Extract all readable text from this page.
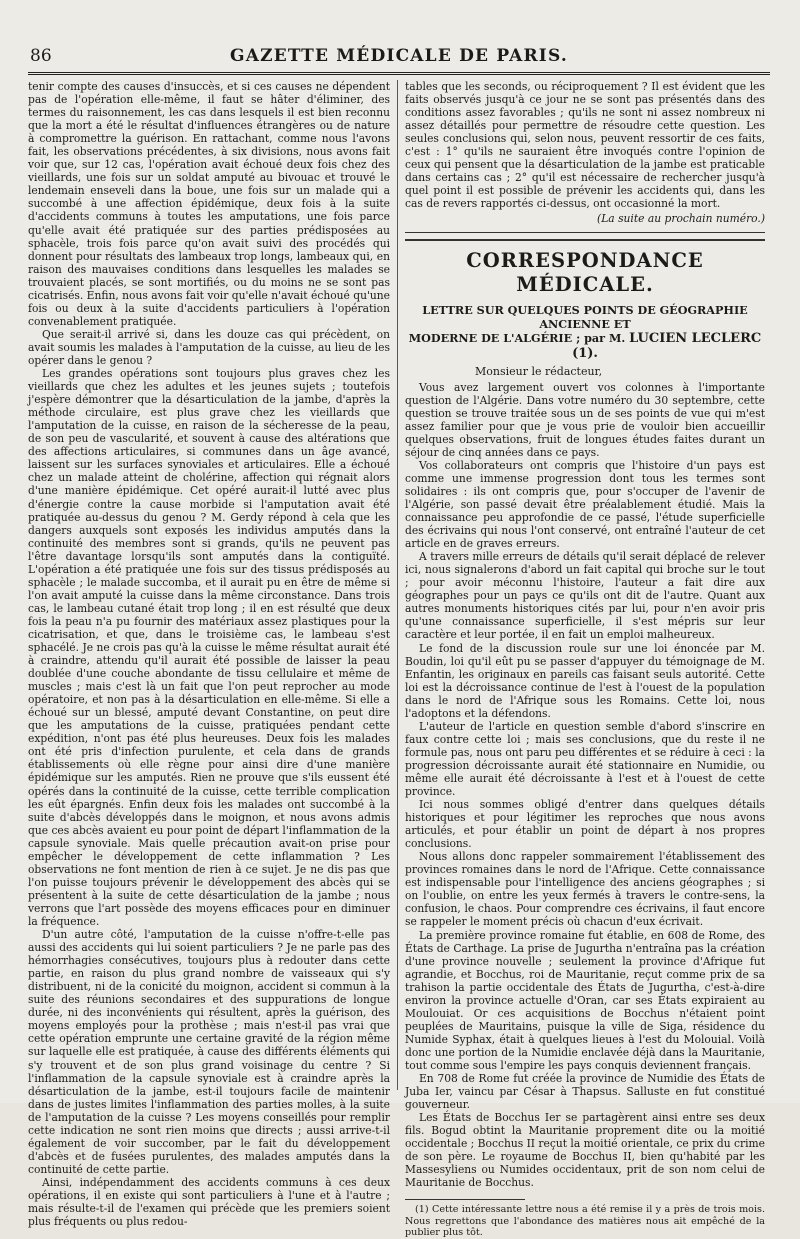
86	GAZETTE MÉDICALE DE PARIS.

tenir compte des causes d'insuccès, et si ces causes ne dépendent pas de l'opération elle-même, il faut se hâter d'éliminer, des termes du raisonnement, les cas dans lesquels il est bien reconnu que la mort a été le résultat d'influences étrangères ou de nature à compromettre la guérison. En rattachant, comme nous l'avons fait, les observations précédentes, à six divisions, nous avons fait voir que, sur 12 cas, l'opération avait échoué deux fois chez des vieillards, une fois sur un soldat amputé au bivouac et trouvé le lendemain enseveli dans la boue, une fois sur un malade qui a succombé à une affection épidémique, deux fois à la suite d'accidents communs à toutes les amputations, une fois parce qu'elle avait été pratiquée sur des parties prédisposées au sphacèle, trois fois parce qu'on avait suivi des procédés qui donnent pour résultats des lambeaux trop longs, lambeaux qui, en raison des mauvaises conditions dans lesquelles les malades se trouvaient placés, se sont mortifiés, ou du moins ne se sont pas cicatrisés. Enfin, nous avons fait voir qu'elle n'avait échoué qu'une fois ou deux à la suite d'accidents particuliers à l'opération convenablement pratiquée.

Que serait-il arrivé si, dans les douze cas qui précèdent, on avait soumis les malades à l'amputation de la cuisse, au lieu de les opérer dans le genou ?

Les grandes opérations sont toujours plus graves chez les vieillards que chez les adultes et les jeunes sujets ; toutefois j'espère démontrer que la désarticulation de la jambe, d'après la méthode circulaire, est plus grave chez les vieillards que l'amputation de la cuisse, en raison de la sécheresse de la peau, de son peu de vascularité, et souvent à cause des altérations que des affections articulaires, si communes dans un âge avancé, laissent sur les surfaces synoviales et articulaires. Elle a échoué chez un malade atteint de cholérine, affection qui régnait alors d'une manière épidémique. Cet opéré aurait-il lutté avec plus d'énergie contre la cause morbide si l'amputation avait été pratiquée au-dessus du genou ? M. Gerdy répond à cela que les dangers auxquels sont exposés les individus amputés dans la continuité des membres sont si grands, qu'ils ne peuvent pas l'être davantage lorsqu'ils sont amputés dans la contiguïté. L'opération a été pratiquée une fois sur des tissus prédisposés au sphacèle ; le malade succomba, et il aurait pu en être de même si l'on avait amputé la cuisse dans la même circonstance. Dans trois cas, le lambeau cutané était trop long ; il en est résulté que deux fois la peau n'a pu fournir des matériaux assez plastiques pour la cicatrisation, et que, dans le troisième cas, le lambeau s'est sphacélé. Je ne crois pas qu'à la cuisse le même résultat aurait été à craindre, attendu qu'il aurait été possible de laisser la peau doublée d'une couche abondante de tissu cellulaire et même de muscles ; mais c'est là un fait que l'on peut reprocher au mode opératoire, et non pas à la désarticulation en elle-même. Si elle a échoué sur un blessé, amputé devant Constantine, on peut dire que les amputations de la cuisse, pratiquées pendant cette expédition, n'ont pas été plus heureuses. Deux fois les malades ont été pris d'infection purulente, et cela dans de grands établissements où elle règne pour ainsi dire d'une manière épidémique sur les amputés. Rien ne prouve que s'ils eussent été opérés dans la continuité de la cuisse, cette terrible complication les eût épargnés. Enfin deux fois les malades ont succombé à la suite d'abcès développés dans le moignon, et nous avons admis que ces abcès avaient eu pour point de départ l'inflammation de la capsule synoviale. Mais quelle précaution avait-on prise pour empêcher le développement de cette inflammation ? Les observations ne font mention de rien à ce sujet. Je ne dis pas que l'on puisse toujours prévenir le développement des abcès qui se présentent à la suite de cette désarticulation de la jambe ; nous verrons que l'art possède des moyens efficaces pour en diminuer la fréquence.

D'un autre côté, l'amputation de la cuisse n'offre-t-elle pas aussi des accidents qui lui soient particuliers ? Je ne parle pas des hémorrhagies consécutives, toujours plus à redouter dans cette partie, en raison du plus grand nombre de vaisseaux qui s'y distribuent, ni de la conicité du moignon, accident si commun à la suite des réunions secondaires et des suppurations de longue durée, ni des inconvénients qui résultent, après la guérison, des moyens employés pour la prothèse ; mais n'est-il pas vrai que cette opération emprunte une certaine gravité de la région même sur laquelle elle est pratiquée, à cause des différents éléments qui s'y trouvent et de son plus grand voisinage du centre ? Si l'inflammation de la capsule synoviale est à craindre après la désarticulation de la jambe, est-il toujours facile de maintenir dans de justes limites l'inflammation des parties molles, à la suite de l'amputation de la cuisse ? Les moyens conseillés pour remplir cette indication ne sont rien moins que directs ; aussi arrive-t-il également de voir succomber, par le fait du développement d'abcès et de fusées purulentes, des malades amputés dans la continuité de cette partie.

Ainsi, indépendamment des accidents communs à ces deux opérations, il en existe qui sont particuliers à l'une et à l'autre ; mais résulte-t-il de l'examen qui précède que les premiers soient plus fréquents ou plus redou-

tables que les seconds, ou réciproquement ? Il est évident que les faits observés jusqu'à ce jour ne se sont pas présentés dans des conditions assez favorables ; qu'ils ne sont ni assez nombreux ni assez détaillés pour permettre de résoudre cette question. Les seules conclusions qui, selon nous, peuvent ressortir de ces faits, c'est : 1° qu'ils ne sauraient être invoqués contre l'opinion de ceux qui pensent que la désarticulation de la jambe est praticable dans certains cas ; 2° qu'il est nécessaire de rechercher jusqu'à quel point il est possible de prévenir les accidents qui, dans les cas de revers rapportés ci-dessus, ont occasionné la mort.

(La suite au prochain numéro.)

CORRESPONDANCE MÉDICALE.
LETTRE SUR QUELQUES POINTS DE GÉOGRAPHIE ANCIENNE ET
MODERNE DE L'ALGÉRIE ; par M. LUCIEN LECLERC (1).

Monsieur le rédacteur,

Vous avez largement ouvert vos colonnes à l'importante question de l'Algérie. Dans votre numéro du 30 septembre, cette question se trouve traitée sous un de ses points de vue qui m'est assez familier pour que je vous prie de vouloir bien accueillir quelques observations, fruit de longues études faites durant un séjour de cinq années dans ce pays.

Vos collaborateurs ont compris que l'histoire d'un pays est comme une immense progression dont tous les termes sont solidaires : ils ont compris que, pour s'occuper de l'avenir de l'Algérie, son passé devait être préalablement étudié. Mais la connaissance peu approfondie de ce passé, l'étude superficielle des écrivains qui nous l'ont conservé, ont entraîné l'auteur de cet article en de graves erreurs.

A travers mille erreurs de détails qu'il serait déplacé de relever ici, nous signalerons d'abord un fait capital qui broche sur le tout ; pour avoir méconnu l'histoire, l'auteur a fait dire aux géographes pour un pays ce qu'ils ont dit de l'autre. Quant aux autres monuments historiques cités par lui, pour n'en avoir pris qu'une connaissance superficielle, il s'est mépris sur leur caractère et leur portée, il en fait un emploi malheureux.

Le fond de la discussion roule sur une loi énoncée par M. Boudin, loi qu'il eût pu se passer d'appuyer du témoignage de M. Enfantin, les originaux en pareils cas faisant seuls autorité. Cette loi est la décroissance continue de l'est à l'ouest de la population dans le nord de l'Afrique sous les Romains. Cette loi, nous l'adoptons et la défendons.

L'auteur de l'article en question semble d'abord s'inscrire en faux contre cette loi ; mais ses conclusions, que du reste il ne formule pas, nous ont paru peu différentes et se réduire à ceci : la progression décroissante aurait été stationnaire en Numidie, ou même elle aurait été décroissante à l'est et à l'ouest de cette province.

Ici nous sommes obligé d'entrer dans quelques détails historiques et pour légitimer les reproches que nous avons articulés, et pour établir un point de départ à nos propres conclusions.

Nous allons donc rappeler sommairement l'établissement des provinces romaines dans le nord de l'Afrique. Cette connaissance est indispensable pour l'intelligence des anciens géographes ; si on l'oublie, on entre les yeux fermés à travers le contre-sens, la confusion, le chaos. Pour comprendre ces écrivains, il faut encore se rappeler le moment précis où chacun d'eux écrivait.

La première province romaine fut établie, en 608 de Rome, des États de Carthage. La prise de Jugurtha n'entraîna pas la création d'une province nouvelle ; seulement la province d'Afrique fut agrandie, et Bocchus, roi de Mauritanie, reçut comme prix de sa trahison la partie occidentale des États de Jugurtha, c'est-à-dire environ la province actuelle d'Oran, car ses États expiraient au Moulouiat. Or ces acquisitions de Bocchus n'étaient point peuplées de Mauritains, puisque la ville de Siga, résidence du Numide Syphax, était à quelques lieues à l'est du Molouial. Voilà donc une portion de la Numidie enclavée déjà dans la Mauritanie, tout comme sous l'empire les pays conquis deviennent français.

En 708 de Rome fut créée la province de Numidie des États de Juba Ier, vaincu par César à Thapsus. Salluste en fut constitué gouverneur.

Les États de Bocchus Ier se partagèrent ainsi entre ses deux fils. Bogud obtint la Mauritanie proprement dite ou la moitié occidentale ; Bocchus II reçut la moitié orientale, ce prix du crime de son père. Le royaume de Bocchus II, bien qu'habité par les Massesyliens ou Numides occidentaux, prit de son nom celui de Mauritanie de Bocchus.

(1) Cette intéressante lettre nous a été remise il y a près de trois mois. Nous regrettons que l'abondance des matières nous ait empêché de la publier plus tôt.
